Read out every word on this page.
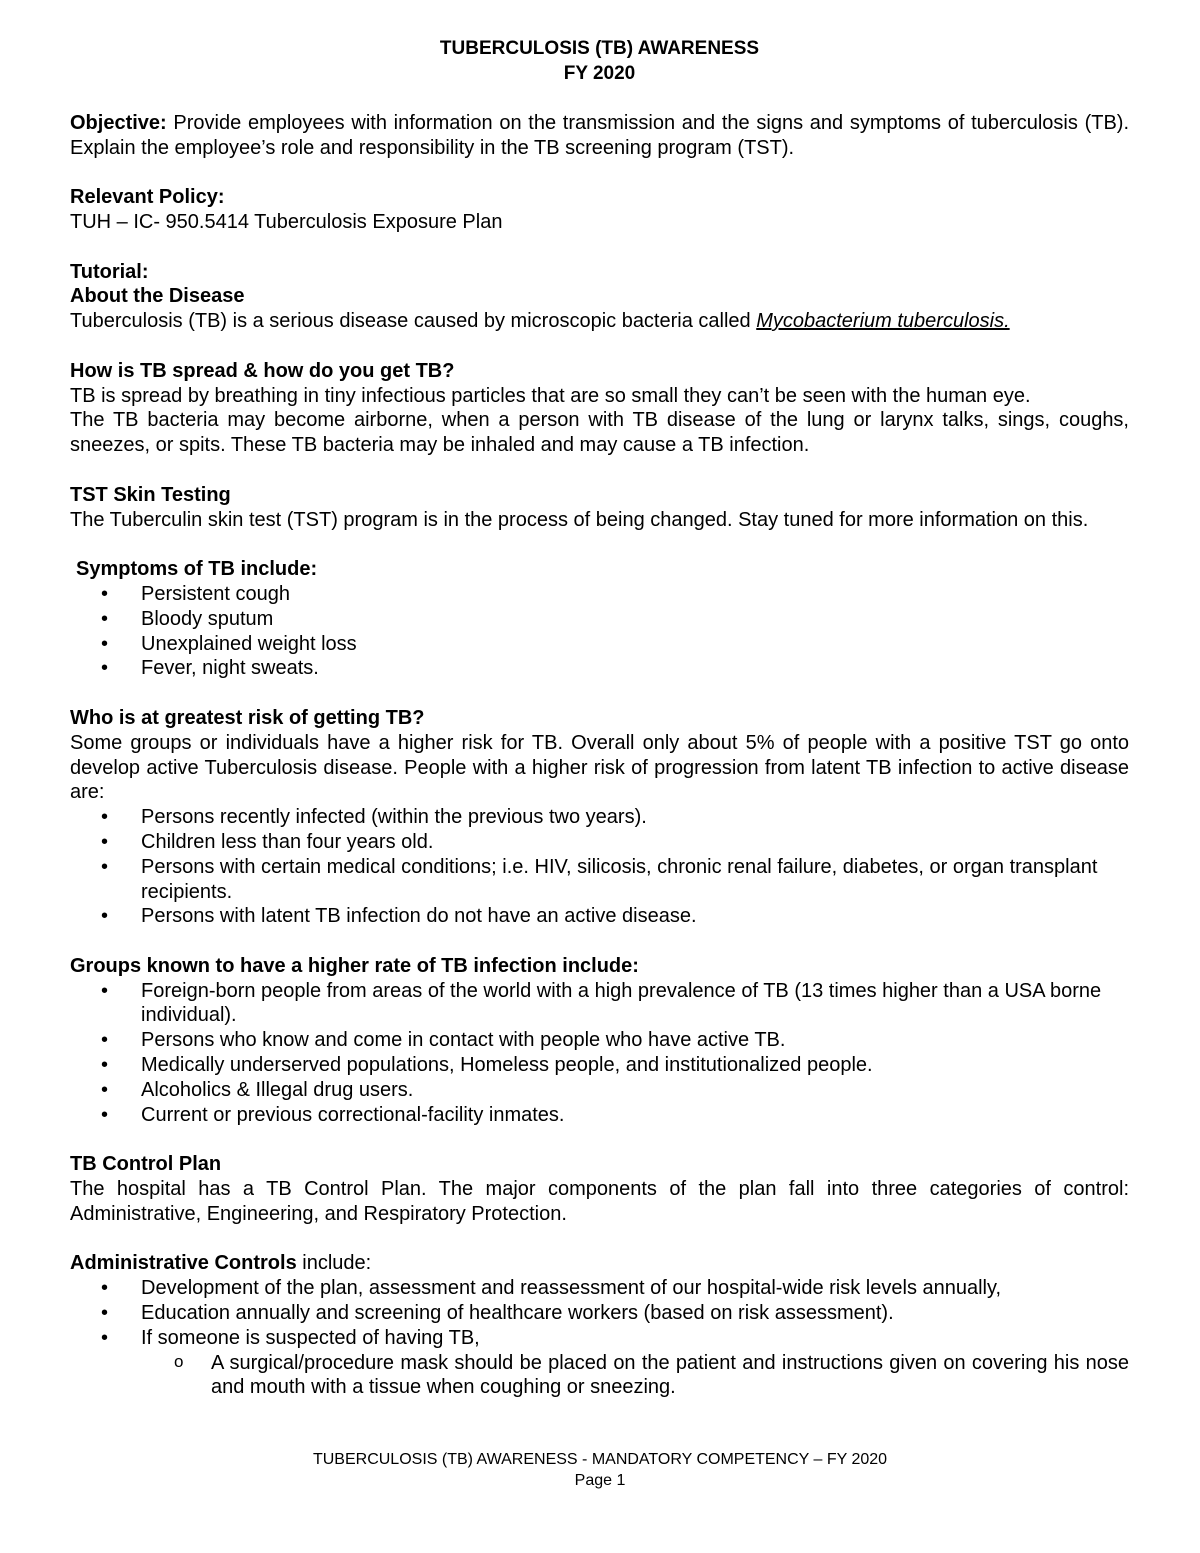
TUBERCULOSIS (TB) AWARENESS

FY 2020

Objective: Provide employees with information on the transmission and the signs and symptoms of tuberculosis (TB). Explain the employee’s role and responsibility in the TB screening program (TST).

Relevant Policy:

TUH – IC- 950.5414 Tuberculosis Exposure Plan

Tutorial:

About the Disease

Tuberculosis (TB) is a serious disease caused by microscopic bacteria called Mycobacterium tuberculosis.

How is TB spread & how do you get TB?

TB is spread by breathing in tiny infectious particles that are so small they can’t be seen with the human eye.

The TB bacteria may become airborne, when a person with TB disease of the lung or larynx talks, sings, coughs, sneezes, or spits. These TB bacteria may be inhaled and may cause a TB infection.

TST Skin Testing

The Tuberculin skin test (TST) program is in the process of being changed. Stay tuned for more information on this.

Symptoms of TB include:

• Persistent cough
• Bloody sputum
• Unexplained weight loss
• Fever, night sweats.

Who is at greatest risk of getting TB?

Some groups or individuals have a higher risk for TB. Overall only about 5% of people with a positive TST go onto develop active Tuberculosis disease. People with a higher risk of progression from latent TB infection to active disease are:

• Persons recently infected (within the previous two years).
• Children less than four years old.
• Persons with certain medical conditions; i.e. HIV, silicosis, chronic renal failure, diabetes, or organ transplant recipients.
• Persons with latent TB infection do not have an active disease.

Groups known to have a higher rate of TB infection include:

• Foreign-born people from areas of the world with a high prevalence of TB (13 times higher than a USA borne individual).
• Persons who know and come in contact with people who have active TB.
• Medically underserved populations, Homeless people, and institutionalized people.
• Alcoholics & Illegal drug users.
• Current or previous correctional-facility inmates.

TB Control Plan

The hospital has a TB Control Plan. The major components of the plan fall into three categories of control: Administrative, Engineering, and Respiratory Protection.

Administrative Controls include:

• Development of the plan, assessment and reassessment of our hospital-wide risk levels annually,
• Education annually and screening of healthcare workers (based on risk assessment).
• If someone is suspected of having TB,
o A surgical/procedure mask should be placed on the patient and instructions given on covering his nose and mouth with a tissue when coughing or sneezing.
TUBERCULOSIS (TB) AWARENESS - MANDATORY COMPETENCY – FY 2020
Page 1
